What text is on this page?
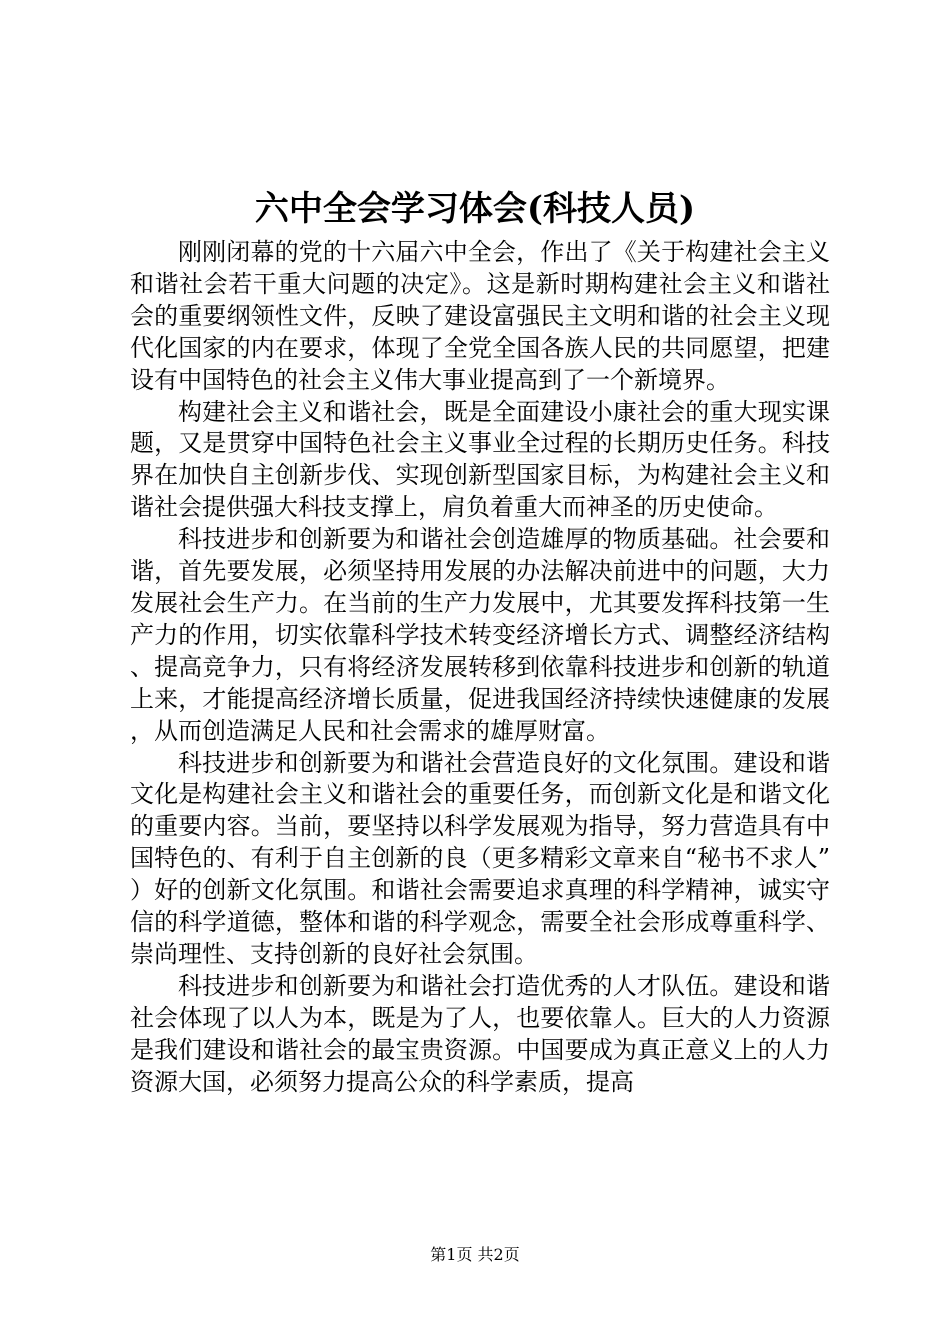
六中全会学习体会(科技人员)

刚刚闭幕的党的十六届六中全会，作出了《关于构建社会主义和谐社会若干重大问题的决定》。这是新时期构建社会主义和谐社会的重要纲领性文件，反映了建设富强民主文明和谐的社会主义现代化国家的内在要求，体现了全党全国各族人民的共同愿望，把建设有中国特色的社会主义伟大事业提高到了一个新境界。

构建社会主义和谐社会，既是全面建设小康社会的重大现实课题，又是贯穿中国特色社会主义事业全过程的长期历史任务。科技界在加快自主创新步伐、实现创新型国家目标，为构建社会主义和谐社会提供强大科技支撑上，肩负着重大而神圣的历史使命。

科技进步和创新要为和谐社会创造雄厚的物质基础。社会要和谐，首先要发展，必须坚持用发展的办法解决前进中的问题，大力发展社会生产力。在当前的生产力发展中，尤其要发挥科技第一生产力的作用，切实依靠科学技术转变经济增长方式、调整经济结构、提高竞争力，只有将经济发展转移到依靠科技进步和创新的轨道上来，才能提高经济增长质量，促进我国经济持续快速健康的发展，从而创造满足人民和社会需求的雄厚财富。

科技进步和创新要为和谐社会营造良好的文化氛围。建设和谐文化是构建社会主义和谐社会的重要任务，而创新文化是和谐文化的重要内容。当前，要坚持以科学发展观为指导，努力营造具有中国特色的、有利于自主创新的良（更多精彩文章来自“秘书不求人”）好的创新文化氛围。和谐社会需要追求真理的科学精神，诚实守信的科学道德，整体和谐的科学观念，需要全社会形成尊重科学、崇尚理性、支持创新的良好社会氛围。

科技进步和创新要为和谐社会打造优秀的人才队伍。建设和谐社会体现了以人为本，既是为了人，也要依靠人。巨大的人力资源是我们建设和谐社会的最宝贵资源。中国要成为真正意义上的人力资源大国，必须努力提高公众的科学素质，提高

第1页 共2页
